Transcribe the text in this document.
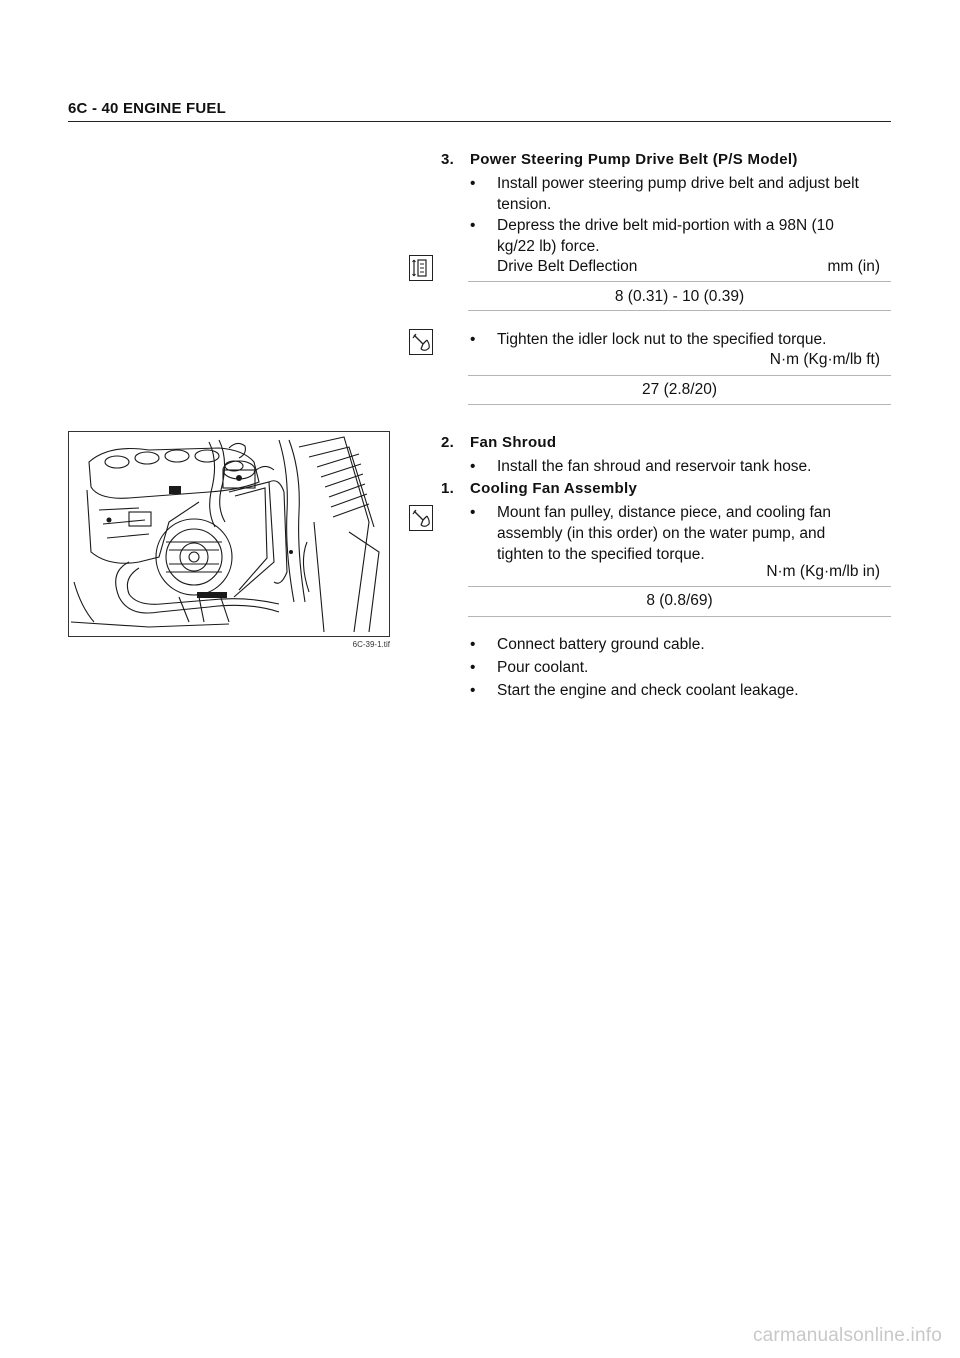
6C - 40 ENGINE FUEL
3. Power Steering Pump Drive Belt (P/S Model)
• Install power steering pump drive belt and adjust belt
tension.
• Depress the drive belt mid-portion with a 98N (10
kg/22 lb) force.
Drive Belt Deflection	mm (in)
8 (0.31) - 10 (0.39)
• Tighten the idler lock nut to the specified torque.
N·m (Kg·m/lb ft)
27 (2.8/20)
6C-39-1.tif
2. Fan Shroud
• Install the fan shroud and reservoir tank hose.
1. Cooling Fan Assembly
• Mount fan pulley, distance piece, and cooling fan
assembly (in this order) on the water pump, and
tighten to the specified torque.
N·m (Kg·m/lb in)
8 (0.8/69)
• Connect battery ground cable.
• Pour coolant.
• Start the engine and check coolant leakage.
carmanualsonline.info
